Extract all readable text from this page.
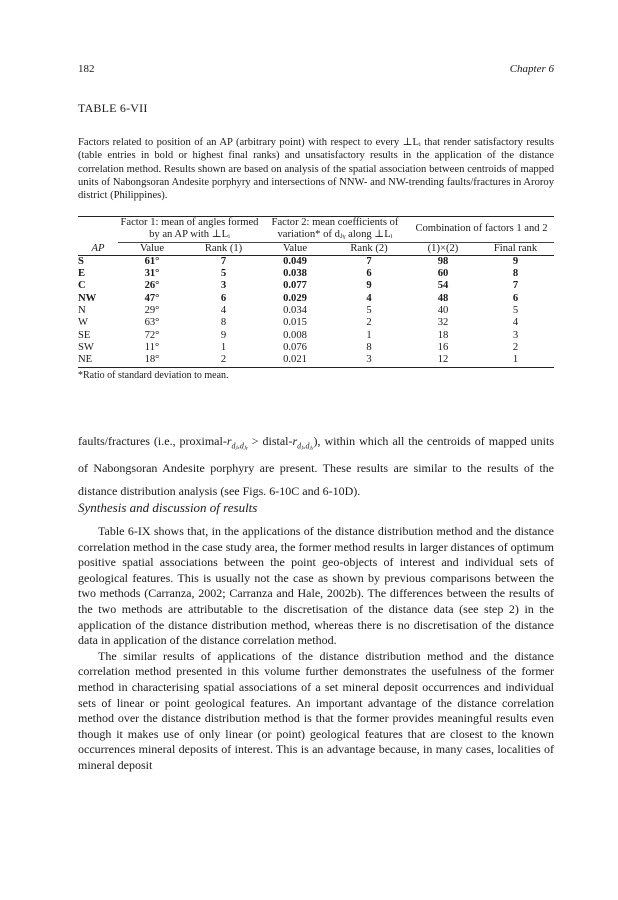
182	Chapter 6
TABLE 6-VII
Factors related to position of an AP (arbitrary point) with respect to every ⊥Lᵢ that render satisfactory results (table entries in bold or highest final ranks) and unsatisfactory results in the application of the distance correlation method. Results shown are based on analysis of the spatial association between centroids of mapped units of Nabongsoran Andesite porphyry and intersections of NNW- and NW-trending faults/fractures in Aroroy district (Philippines).
AP	Factor 1: mean of angles formed by an AP with ⊥Lᵢ		Factor 2: mean coefficients of variation* of dⱼᵧ along ⊥Lᵢ		Combination of factors 1 and 2	
	Value	Rank (1)	Value	Rank (2)	(1)×(2)	Final rank
S	61°	7	0.049	7	98	9
E	31°	5	0.038	6	60	8
C	26°	3	0.077	9	54	7
NW	47°	6	0.029	4	48	6
N	29°	4	0.034	5	40	5
W	63°	8	0.015	2	32	4
SE	72°	9	0.008	1	18	3
SW	11°	1	0.076	8	16	2
NE	18°	2	0.021	3	12	1
*Ratio of standard deviation to mean.
faults/fractures (i.e., proximal-$r_{dⱼ_xdⱼᵧ}$ > distal-$r_{dⱼ_xdⱼᵧ}$), within which all the centroids of mapped units of Nabongsoran Andesite porphyry are present. These results are similar to the results of the distance distribution analysis (see Figs. 6-10C and 6-10D).
Synthesis and discussion of results

Table 6-IX shows that, in the applications of the distance distribution method and the distance correlation method in the case study area, the former method results in larger distances of optimum positive spatial associations between the point geo-objects of interest and individual sets of geological features. This is usually not the case as shown by previous comparisons between the two methods (Carranza, 2002; Carranza and Hale, 2002b). The differences between the results of the two methods are attributable to the discretisation of the distance data (see step 2) in the application of the distance distribution method, whereas there is no discretisation of the distance data in application of the distance correlation method.

The similar results of applications of the distance distribution method and the distance correlation method presented in this volume further demonstrates the usefulness of the former method in characterising spatial associations of a set mineral deposit occurrences and individual sets of linear or point geological features. An important advantage of the distance correlation method over the distance distribution method is that the former provides meaningful results even though it makes use of only linear (or point) geological features that are closest to the known occurrences mineral deposits of interest. This is an advantage because, in many cases, localities of mineral deposit
